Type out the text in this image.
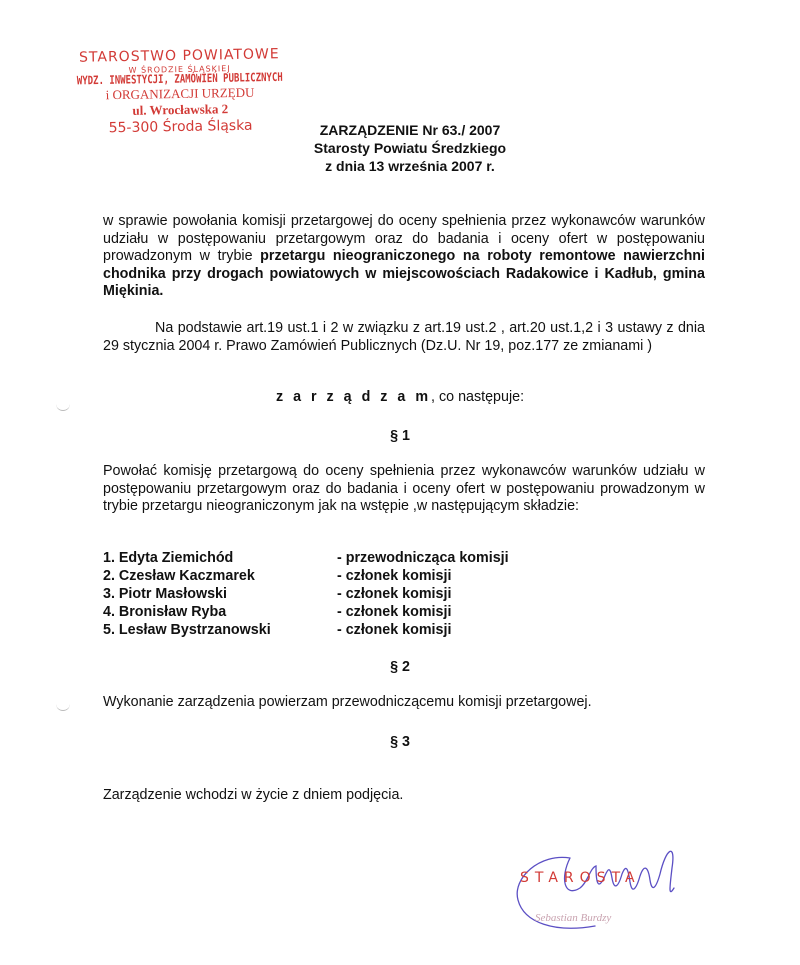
STAROSTWO POWIATOWE
W ŚRODZIE ŚLĄSKIEJ
WYDZ. INWESTYCJI, ZAMÓWIEŃ PUBLICZNYCH
i ORGANIZACJI URZĘDU
ul. Wrocławska 2
55-300 Środa Śląska	ZARZĄDZENIE Nr 63./ 2007
Starosty Powiatu Średzkiego
z dnia 13 września 2007 r.
w sprawie powołania komisji przetargowej do oceny spełnienia przez wykonawców warunków udziału w postępowaniu przetargowym oraz do badania i oceny ofert w postępowaniu prowadzonym w trybie przetargu nieograniczonego na roboty remontowe nawierzchni chodnika przy drogach powiatowych w miejscowościach Radakowice i Kadłub, gmina Miękinia.
Na podstawie art.19 ust.1 i 2 w związku z art.19 ust.2 , art.20 ust.1,2 i 3 ustawy z dnia 29 stycznia 2004 r. Prawo Zamówień Publicznych (Dz.U. Nr 19, poz.177 ze zmianami )
z a r z ą d z a m, co następuje:
§ 1
Powołać komisję przetargową do oceny spełnienia przez wykonawców warunków udziału w postępowaniu przetargowym oraz do badania i oceny ofert w postępowaniu prowadzonym w trybie przetargu nieograniczonym jak na wstępie ,w następującym składzie:
1. Edyta Ziemichód	- przewodnicząca komisji
2. Czesław Kaczmarek	- członek komisji
3. Piotr Masłowski	- członek komisji
4. Bronisław Ryba	- członek komisji
5. Lesław Bystrzanowski	- członek komisji
§ 2
Wykonanie zarządzenia powierzam przewodniczącemu komisji przetargowej.
§ 3
Zarządzenie wchodzi w życie z dniem podjęcia.
STAROSTA
Sebastian Burdzy
